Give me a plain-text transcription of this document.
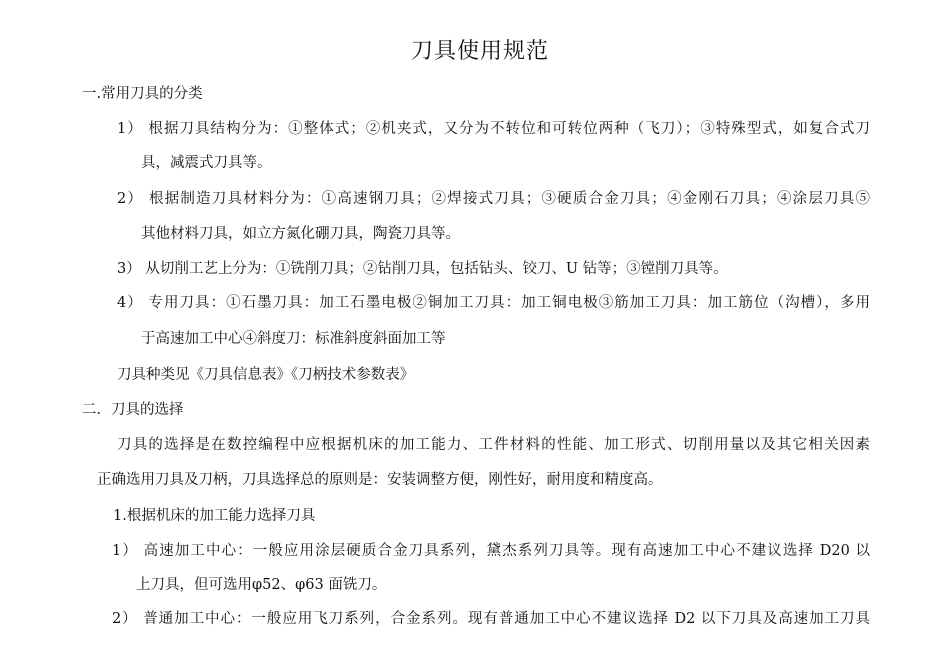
刀具使用规范
一.常用刀具的分类
1） 根据刀具结构分为：①整体式；②机夹式，又分为不转位和可转位两种（飞刀）；③特殊型式，如复合式刀
具，减震式刀具等。
2） 根据制造刀具材料分为：①高速钢刀具；②焊接式刀具；③硬质合金刀具；④金刚石刀具；④涂层刀具⑤
其他材料刀具，如立方氮化硼刀具，陶瓷刀具等。
3） 从切削工艺上分为：①铣削刀具；②钻削刀具，包括钻头、铰刀、U 钻等；③镗削刀具等。
4） 专用刀具：①石墨刀具：加工石墨电极②铜加工刀具：加工铜电极③筋加工刀具：加工筋位（沟槽），多用
于高速加工中心④斜度刀：标准斜度斜面加工等
刀具种类见《刀具信息表》《刀柄技术参数表》
二．刀具的选择
刀具的选择是在数控编程中应根据机床的加工能力、工件材料的性能、加工形式、切削用量以及其它相关因素
正确选用刀具及刀柄，刀具选择总的原则是：安装调整方便，刚性好，耐用度和精度高。
1.根据机床的加工能力选择刀具
1） 高速加工中心：一般应用涂层硬质合金刀具系列，黛杰系列刀具等。现有高速加工中心不建议选择 D20 以
上刀具，但可选用φ52、φ63 面铣刀。
2） 普通加工中心：一般应用飞刀系列，合金系列。现有普通加工中心不建议选择 D2 以下刀具及高速加工刀具
